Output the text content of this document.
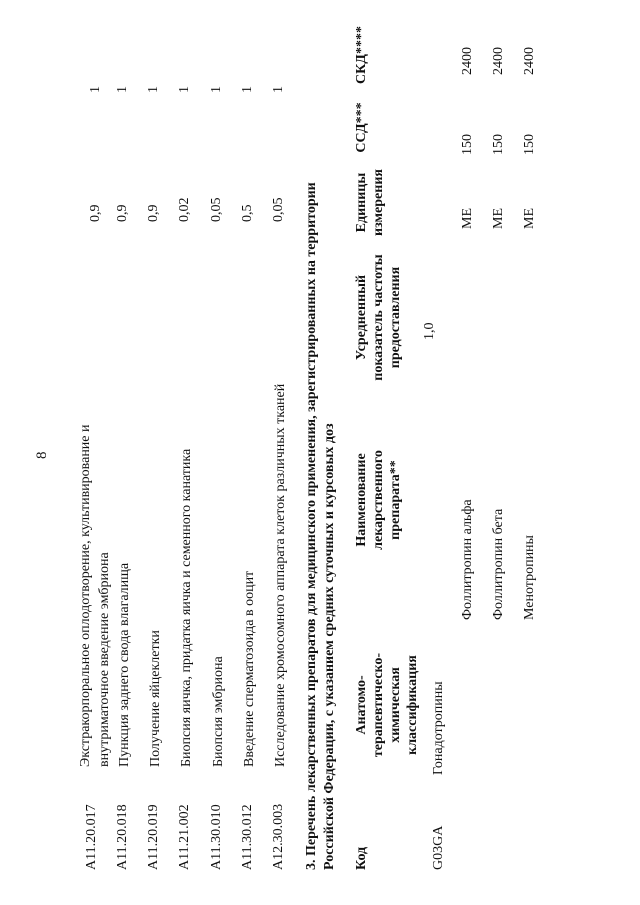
8
A11.20.017
Экстракорпоральное оплодотворение, культивирование и внутриматочное введение эмбриона
0,9
1
A11.20.018
Пункция заднего свода влагалища
0,9
1
A11.20.019
Получение яйцеклетки
0,9
1
A11.21.002
Биопсия яичка, придатка яичка и семенного канатика
0,02
1
A11.30.010
Биопсия эмбриона
0,05
1
A11.30.012
Введение сперматозоида в ооцит
0,5
1
A12.30.003
Исследование хромосомного аппарата клеток различных тканей
0,05
1
3. Перечень лекарственных препаратов для медицинского применения, зарегистрированных на территории Российской Федерации, с указанием средних суточных и курсовых доз Код
Анатомо-терапевтическо-химическая классификация
Наименование лекарственного препарата**
Усредненный показатель частоты предоставления
Единицы измерения
ССД***
СКД****
G03GA
Гонадотропины
1,0
Фоллитропин альфа
МЕ
150
2400
Фоллитропин бета
МЕ
150
2400
Менотропины
МЕ
150
2400
